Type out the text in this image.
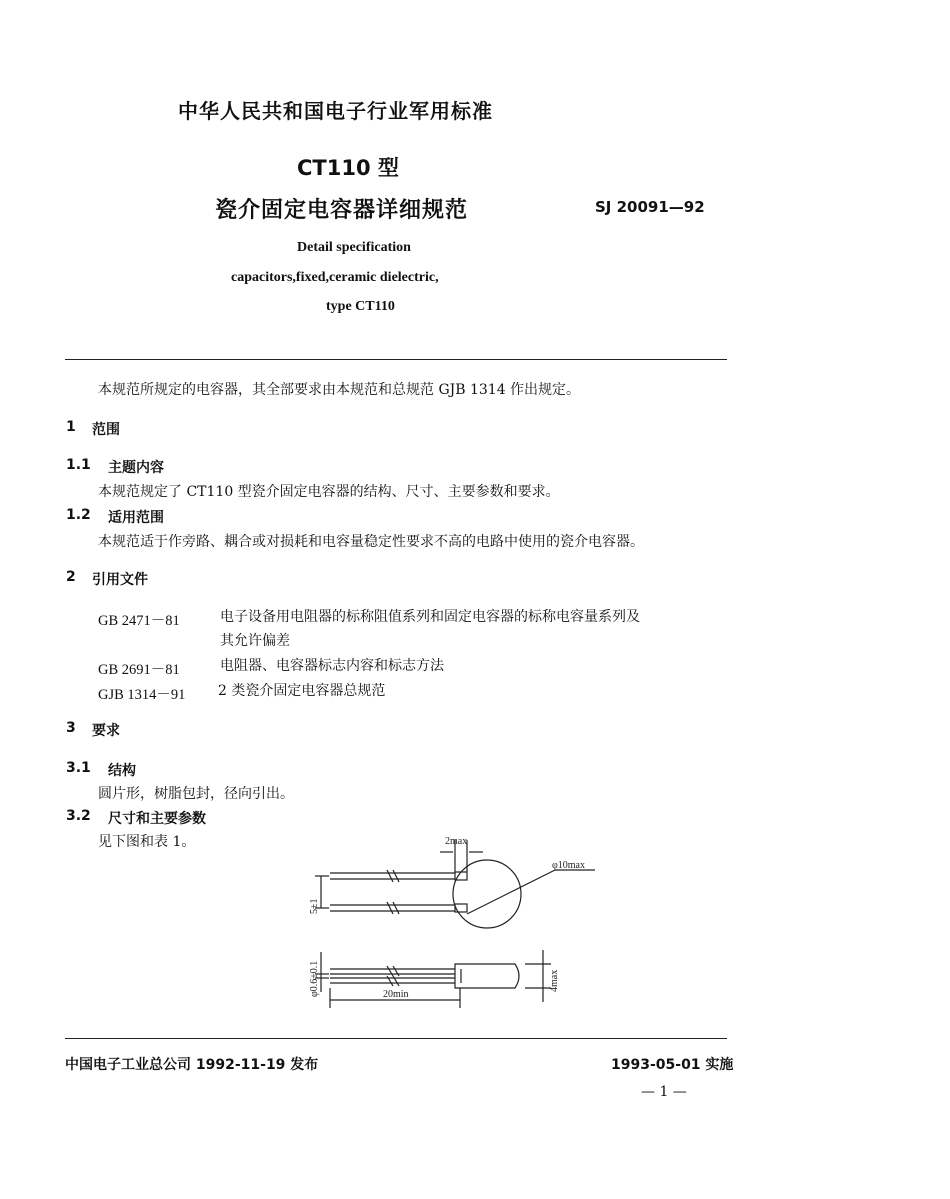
中华人民共和国电子行业军用标准
CT110 型
瓷介固定电容器详细规范	SJ 20091—92
Detail specification
capacitors,fixed,ceramic dielectric,
type CT110
本规范所规定的电容器，其全部要求由本规范和总规范 GJB 1314 作出规定。
1 范围
1.1 主题内容
本规范规定了 CT110 型瓷介固定电容器的结构、尺寸、主要参数和要求。
1.2 适用范围
本规范适于作旁路、耦合或对损耗和电容量稳定性要求不高的电路中使用的瓷介电容器。
2 引用文件
GB 2471－81	电子设备用电阻器的标称阻值系列和固定电容器的标称电容量系列及
其允许偏差
GB 2691－81	电阻器、电容器标志内容和标志方法
GJB 1314－91 2 类瓷介固定电容器总规范
3 要求
3.1 结构
圆片形，树脂包封，径向引出。
3.2 尺寸和主要参数
见下图和表 1。	2max
φ10max
5±1
φ0.6±0.1	20min
4max
中国电子工业总公司 1992-11-19 发布	1993-05-01 实施
— 1 —
